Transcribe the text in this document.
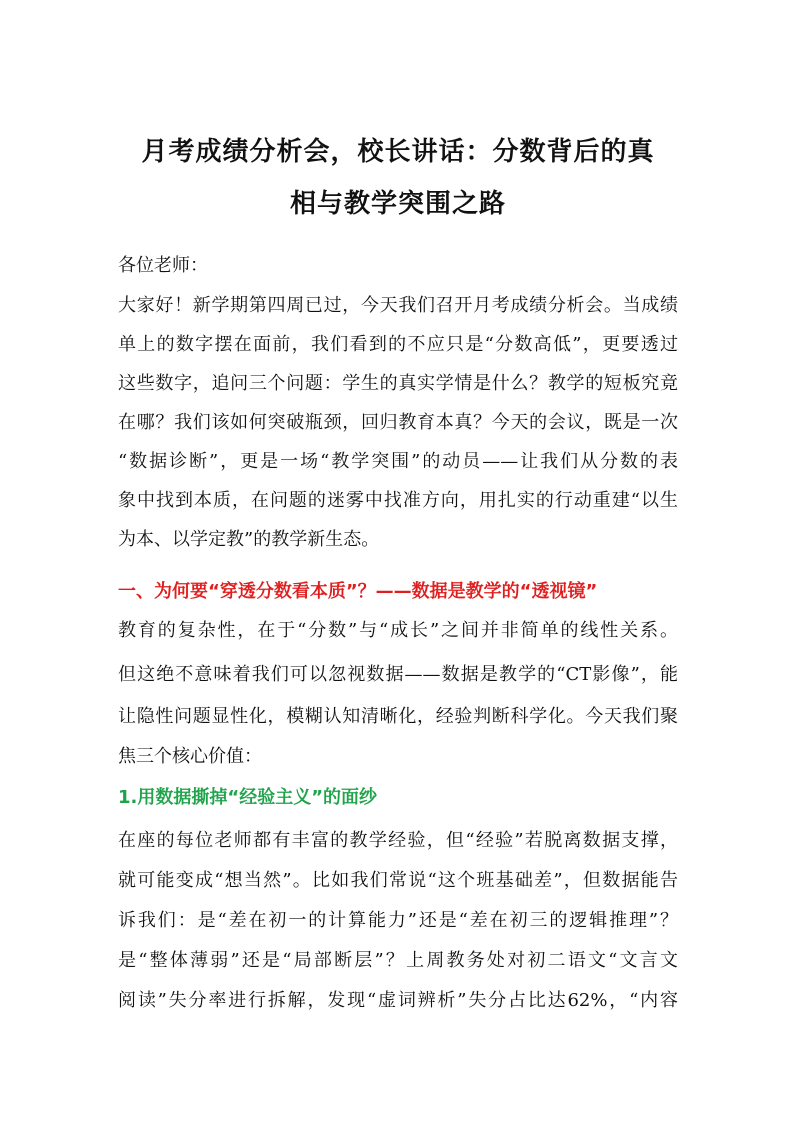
月考成绩分析会，校长讲话：分数背后的真
相与教学突围之路
各位老师：
大家好！新学期第四周已过，今天我们召开月考成绩分析会。当成绩
单上的数字摆在面前，我们看到的不应只是“分数高低”，更要透过
这些数字，追问三个问题：学生的真实学情是什么？教学的短板究竟
在哪？我们该如何突破瓶颈，回归教育本真？今天的会议，既是一次
“数据诊断”，更是一场“教学突围”的动员——让我们从分数的表
象中找到本质，在问题的迷雾中找准方向，用扎实的行动重建“以生
为本、以学定教”的教学新生态。
一、为何要“穿透分数看本质”？——数据是教学的“透视镜”
教育的复杂性，在于“分数”与“成长”之间并非简单的线性关系。
但这绝不意味着我们可以忽视数据——数据是教学的“CT影像”，能
让隐性问题显性化，模糊认知清晰化，经验判断科学化。今天我们聚
焦三个核心价值：
1.用数据撕掉“经验主义”的面纱
在座的每位老师都有丰富的教学经验，但“经验”若脱离数据支撑，
就可能变成“想当然”。比如我们常说“这个班基础差”，但数据能告
诉我们：是“差在初一的计算能力”还是“差在初三的逻辑推理”？
是“整体薄弱”还是“局部断层”？上周教务处对初二语文“文言文
阅读”失分率进行拆解，发现“虚词辨析”失分占比达62%，“内容
